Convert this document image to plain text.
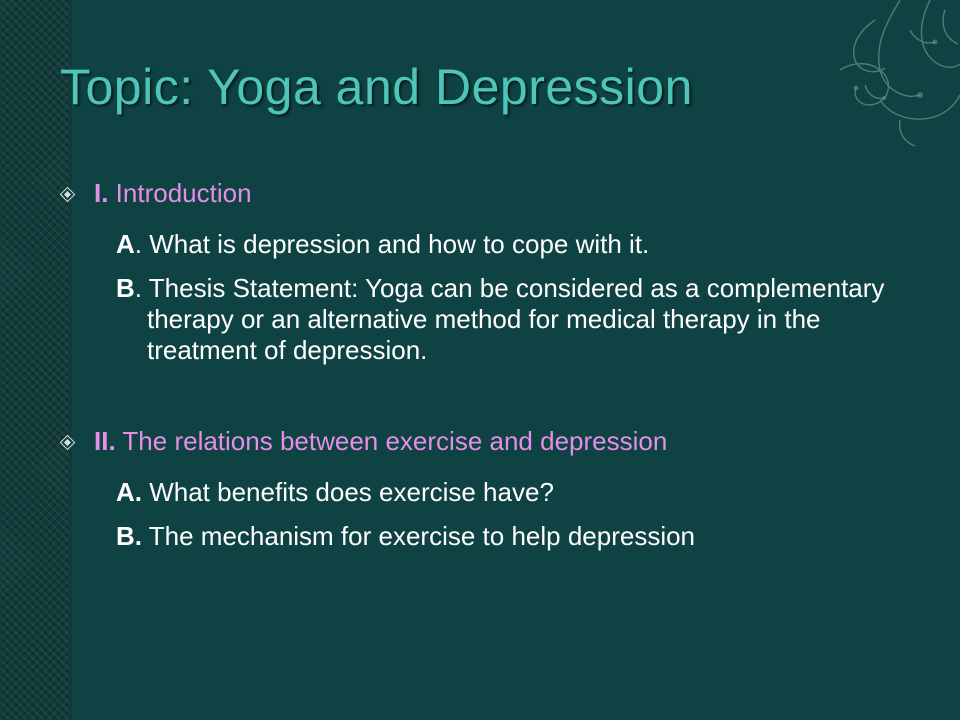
Topic: Yoga and Depression
I. Introduction
A. What is depression and how to cope with it.
B. Thesis Statement: Yoga can be considered as a complementary therapy or an alternative method for medical therapy in the treatment of depression.
II. The relations between exercise and depression
A. What benefits does exercise have?
B. The mechanism for exercise to help depression
